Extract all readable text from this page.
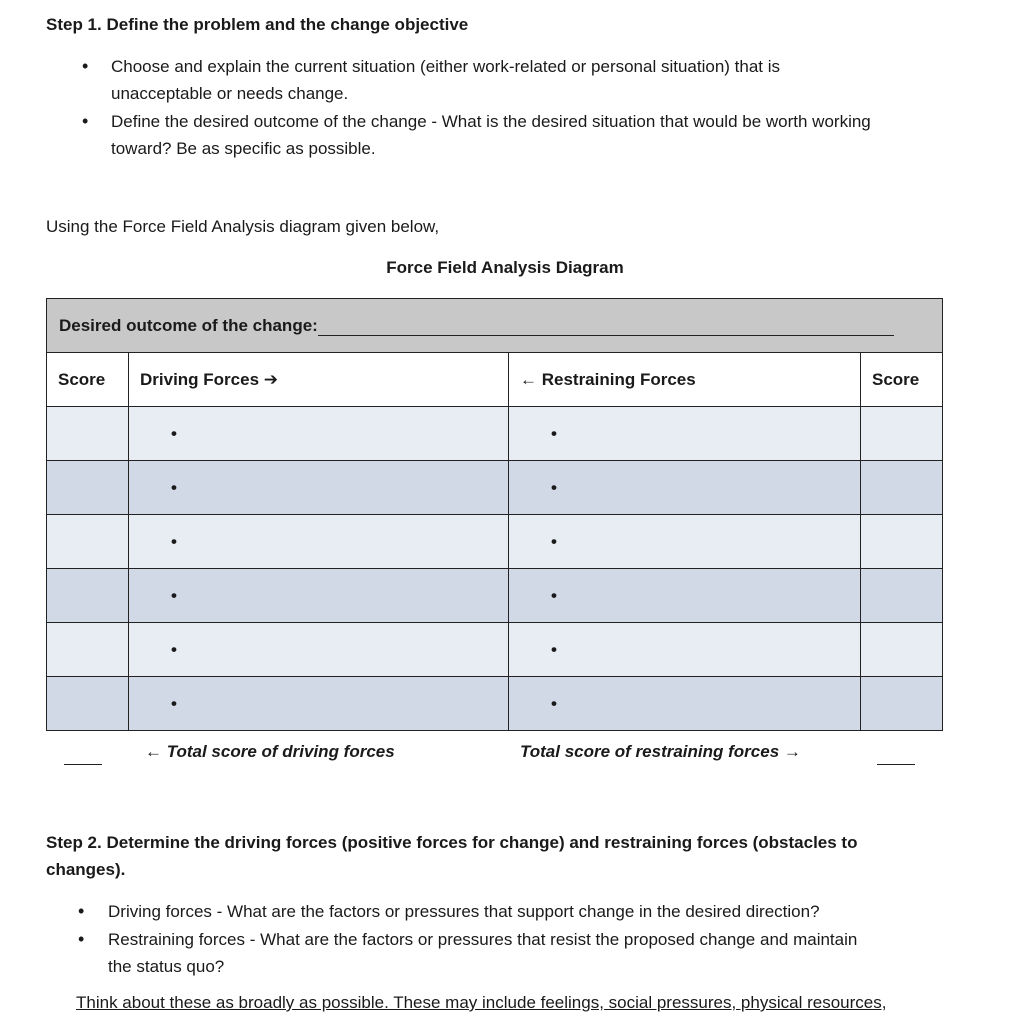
Step 1. Define the problem and the change objective
• Choose and explain the current situation (either work-related or personal situation) that is
unacceptable or needs change.
• Define the desired outcome of the change - What is the desired situation that would be worth working
toward? Be as specific as possible.
Using the Force Field Analysis diagram given below,
Force Field Analysis Diagram
Desired outcome of the change:			
Score	Driving Forces ➔	← Restraining Forces	Score
	•	•	
	•	•	
	•	•	
	•	•	
	•	•	
	•	•	
← Total score of driving forces	Total score of restraining forces →
Step 2. Determine the driving forces (positive forces for change) and restraining forces (obstacles to
changes).
• Driving forces - What are the factors or pressures that support change in the desired direction?
• Restraining forces - What are the factors or pressures that resist the proposed change and maintain
the status quo?
Think about these as broadly as possible. These may include feelings, social pressures, physical resources,
